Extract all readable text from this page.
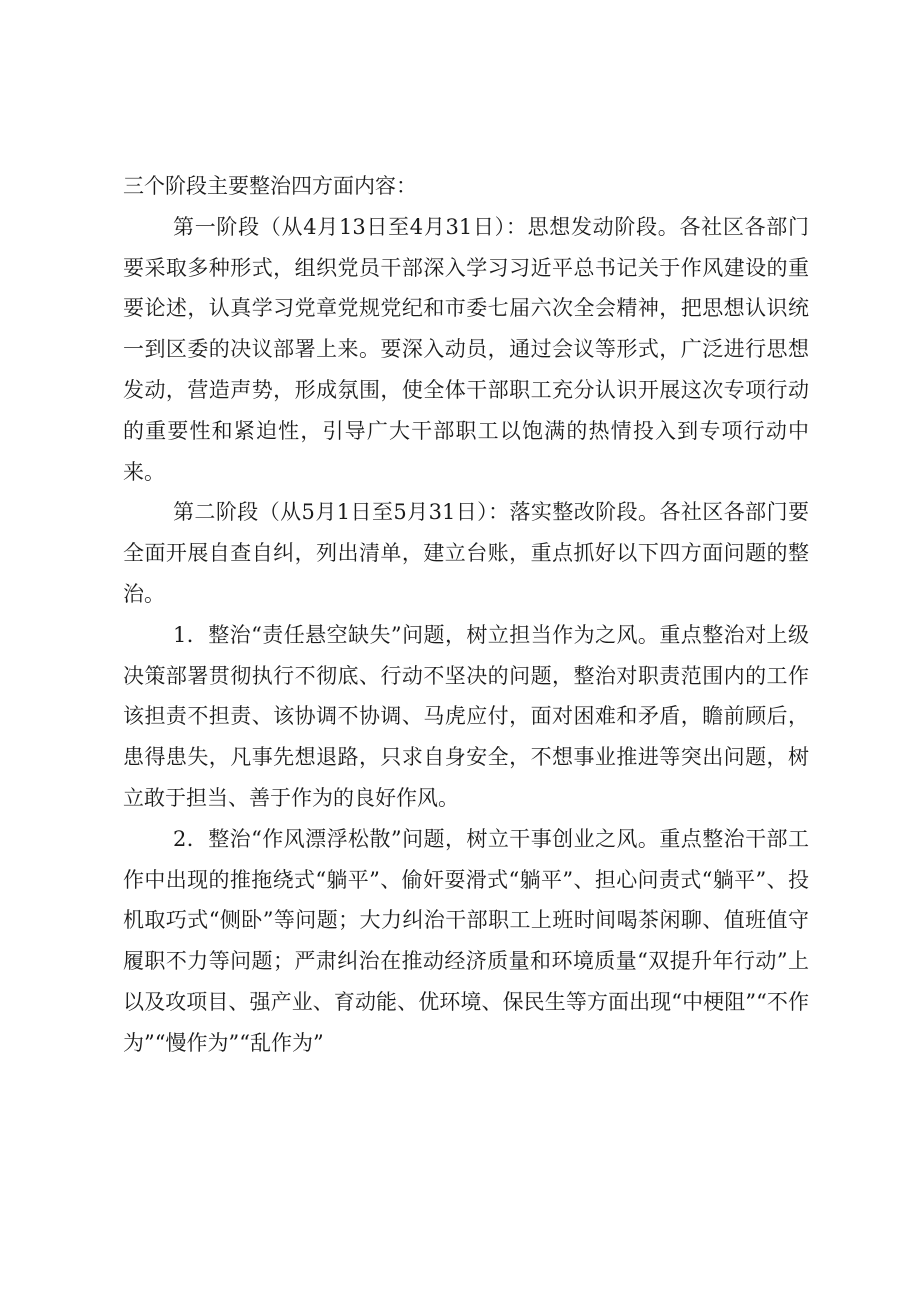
三个阶段主要整治四方面内容：

第一阶段（从4月13日至4月31日）：思想发动阶段。各社区各部门要采取多种形式，组织党员干部深入学习习近平总书记关于作风建设的重要论述，认真学习党章党规党纪和市委七届六次全会精神，把思想认识统一到区委的决议部署上来。要深入动员，通过会议等形式，广泛进行思想发动，营造声势，形成氛围，使全体干部职工充分认识开展这次专项行动的重要性和紧迫性，引导广大干部职工以饱满的热情投入到专项行动中来。

第二阶段（从5月1日至5月31日）：落实整改阶段。各社区各部门要全面开展自查自纠，列出清单，建立台账，重点抓好以下四方面问题的整治。

1．整治“责任悬空缺失”问题，树立担当作为之风。重点整治对上级决策部署贯彻执行不彻底、行动不坚决的问题，整治对职责范围内的工作该担责不担责、该协调不协调、马虎应付，面对困难和矛盾，瞻前顾后，患得患失，凡事先想退路，只求自身安全，不想事业推进等突出问题，树立敢于担当、善于作为的良好作风。

2．整治“作风漂浮松散”问题，树立干事创业之风。重点整治干部工作中出现的推拖绕式“躺平”、偷奸耍滑式“躺平”、担心问责式“躺平”、投机取巧式“侧卧”等问题；大力纠治干部职工上班时间喝茶闲聊、值班值守履职不力等问题；严肃纠治在推动经济质量和环境质量“双提升年行动”上以及攻项目、强产业、育动能、优环境、保民生等方面出现“中梗阻”“不作为”“慢作为”“乱作为”
